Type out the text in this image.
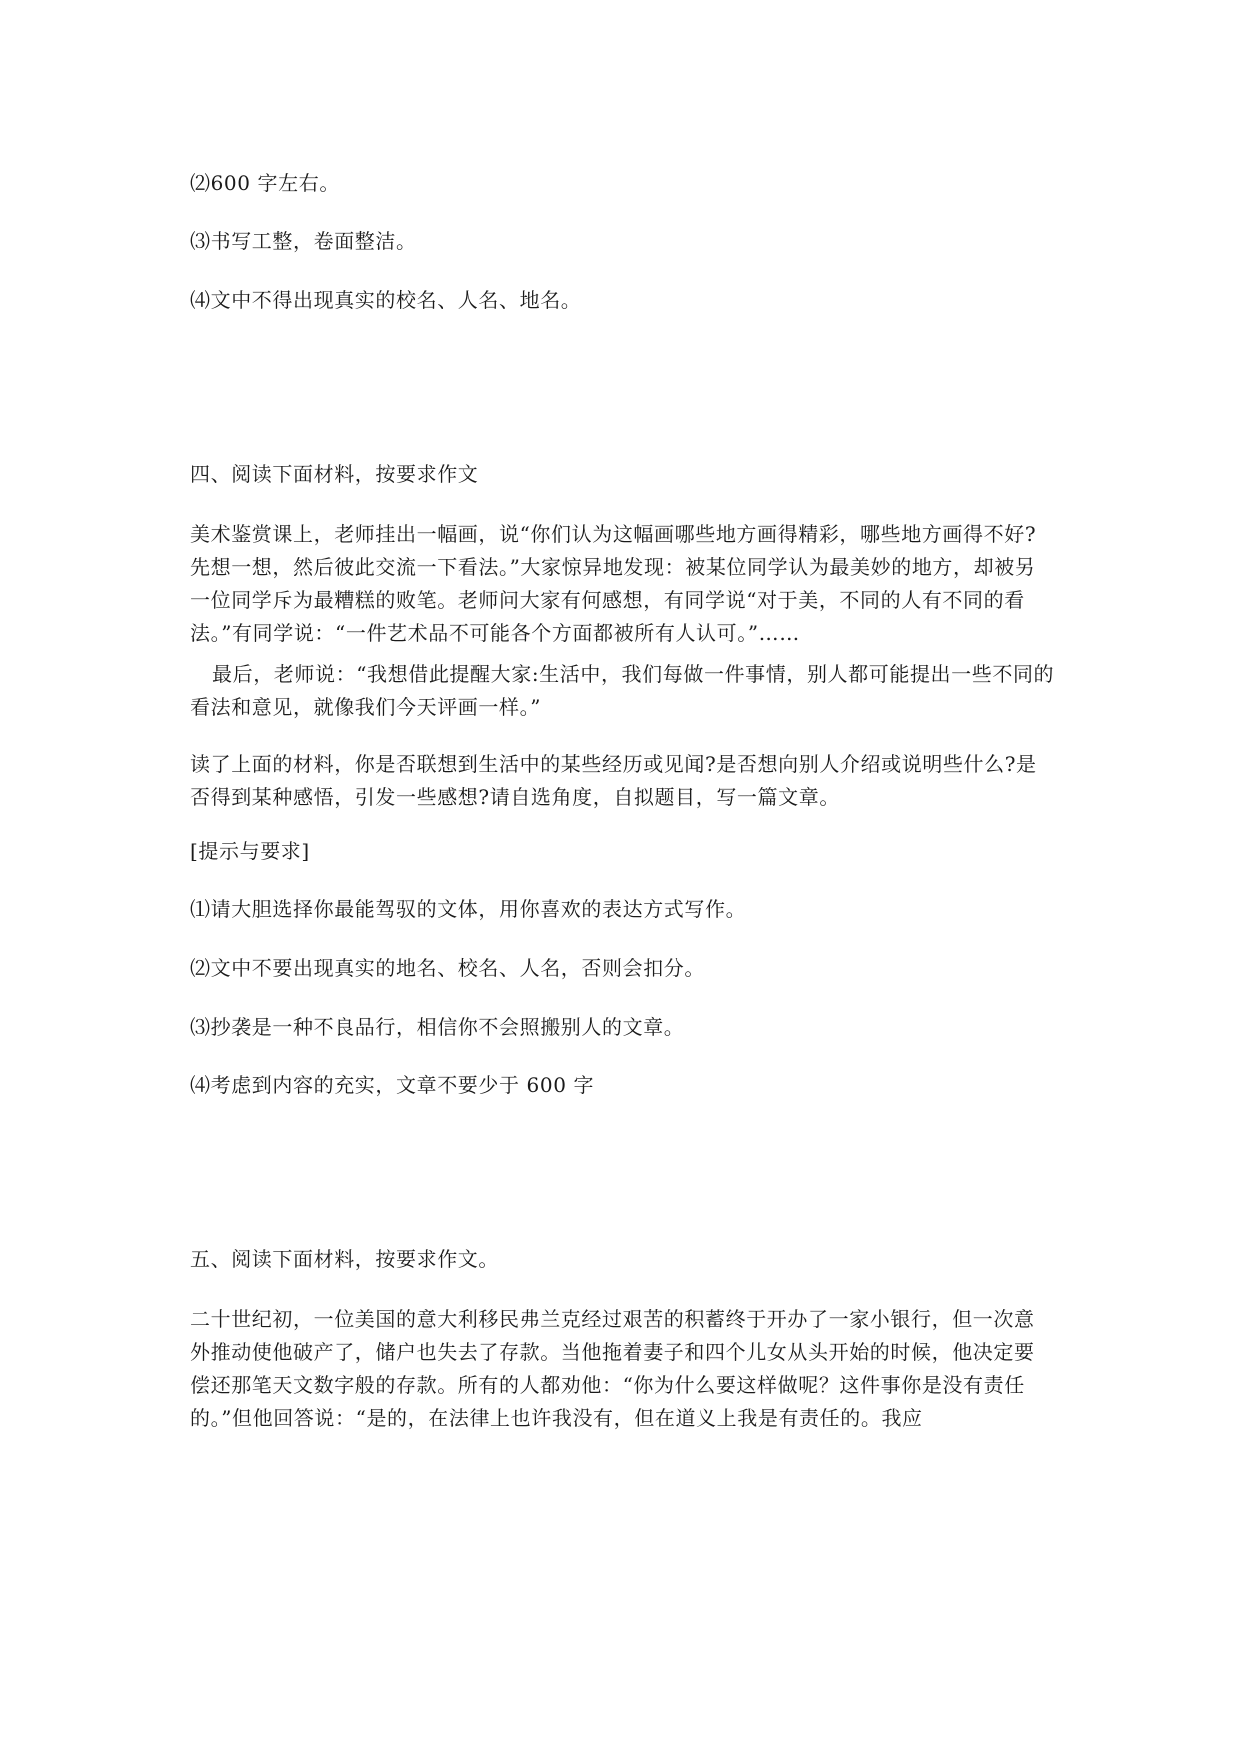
⑵600 字左右。

⑶书写工整，卷面整洁。

⑷文中不得出现真实的校名、人名、地名。

四、阅读下面材料，按要求作文

美术鉴赏课上，老师挂出一幅画，说“你们认为这幅画哪些地方画得精彩，哪些地方画得不好?先想一想，然后彼此交流一下看法。”大家惊异地发现：被某位同学认为最美妙的地方，却被另一位同学斥为最糟糕的败笔。老师问大家有何感想，有同学说“对于美，不同的人有不同的看法。”有同学说：“一件艺术品不可能各个方面都被所有人认可。”……

最后，老师说：“我想借此提醒大家:生活中，我们每做一件事情，别人都可能提出一些不同的看法和意见，就像我们今天评画一样。”

读了上面的材料，你是否联想到生活中的某些经历或见闻?是否想向别人介绍或说明些什么?是否得到某种感悟，引发一些感想?请自选角度，自拟题目，写一篇文章。

[提示与要求]

⑴请大胆选择你最能驾驭的文体，用你喜欢的表达方式写作。

⑵文中不要出现真实的地名、校名、人名，否则会扣分。

⑶抄袭是一种不良品行，相信你不会照搬别人的文章。

⑷考虑到内容的充实，文章不要少于 600 字

五、阅读下面材料，按要求作文。

二十世纪初，一位美国的意大利移民弗兰克经过艰苦的积蓄终于开办了一家小银行，但一次意外推动使他破产了，储户也失去了存款。当他拖着妻子和四个儿女从头开始的时候，他决定要偿还那笔天文数字般的存款。所有的人都劝他：“你为什么要这样做呢？这件事你是没有责任的。”但他回答说：“是的，在法律上也许我没有，但在道义上我是有责任的。我应
